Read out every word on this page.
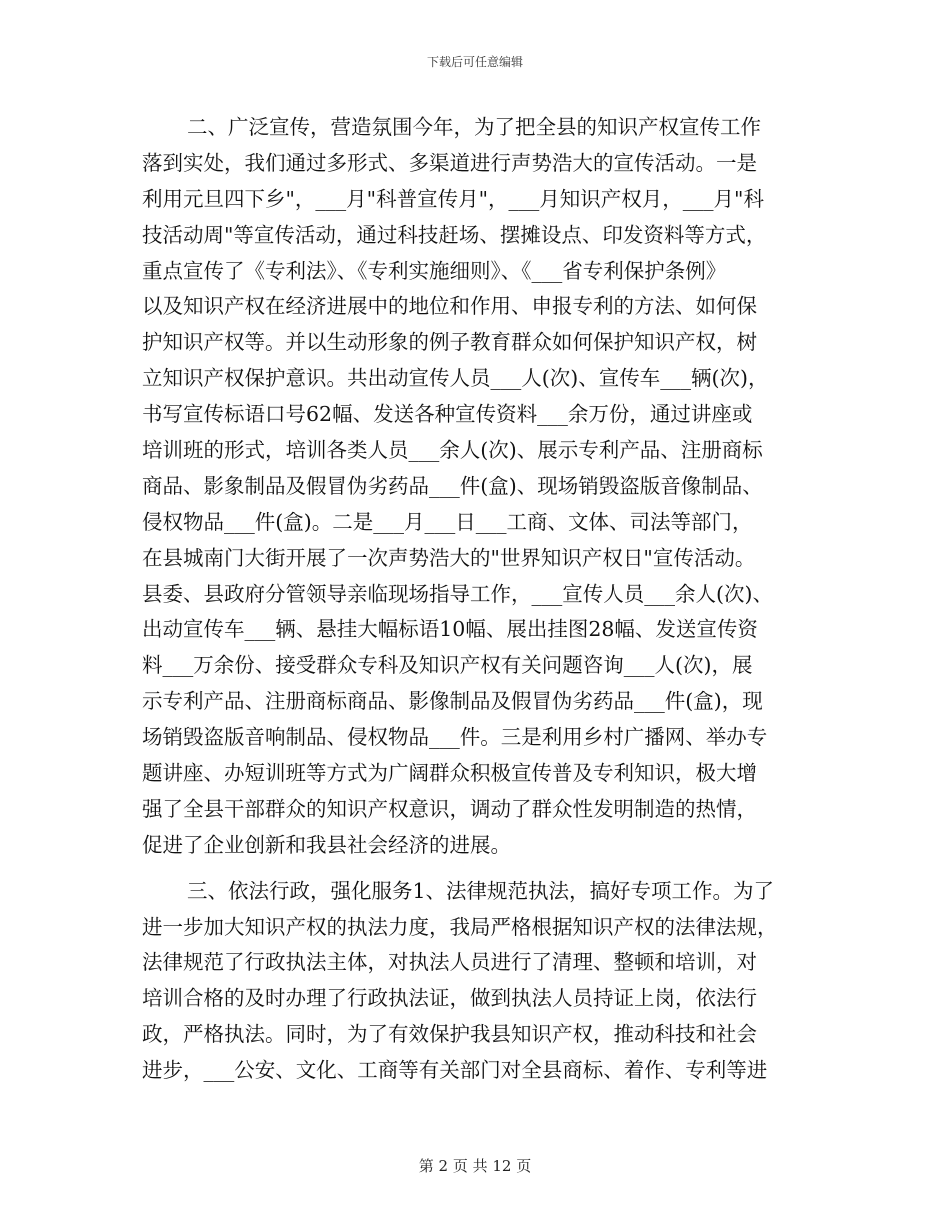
下载后可任意编辑
二、广泛宣传，营造氛围今年，为了把全县的知识产权宣传工作
落到实处，我们通过多形式、多渠道进行声势浩大的宣传活动。一是
利用元旦四下乡"，___月"科普宣传月"，___月知识产权月，___月"科
技活动周"等宣传活动，通过科技赶场、摆摊设点、印发资料等方式，
重点宣传了《专利法》、《专利实施细则》、《___省专利保护条例》
以及知识产权在经济进展中的地位和作用、申报专利的方法、如何保
护知识产权等。并以生动形象的例子教育群众如何保护知识产权，树
立知识产权保护意识。共出动宣传人员___人(次)、宣传车___辆(次)，
书写宣传标语口号62幅、发送各种宣传资料___余万份，通过讲座或
培训班的形式，培训各类人员___余人(次)、展示专利产品、注册商标
商品、影象制品及假冒伪劣药品___件(盒)、现场销毁盗版音像制品、
侵权物品___件(盒)。二是___月___日___工商、文体、司法等部门，
在县城南门大街开展了一次声势浩大的"世界知识产权日"宣传活动。
县委、县政府分管领导亲临现场指导工作，___宣传人员___余人(次)、
出动宣传车___辆、悬挂大幅标语10幅、展出挂图28幅、发送宣传资
料___万余份、接受群众专科及知识产权有关问题咨询___人(次)，展
示专利产品、注册商标商品、影像制品及假冒伪劣药品___件(盒)，现
场销毁盗版音响制品、侵权物品___件。三是利用乡村广播网、举办专
题讲座、办短训班等方式为广阔群众积极宣传普及专利知识，极大增
强了全县干部群众的知识产权意识，调动了群众性发明制造的热情，
促进了企业创新和我县社会经济的进展。
三、依法行政，强化服务1、法律规范执法，搞好专项工作。为了
进一步加大知识产权的执法力度，我局严格根据知识产权的法律法规，
法律规范了行政执法主体，对执法人员进行了清理、整顿和培训，对
培训合格的及时办理了行政执法证，做到执法人员持证上岗，依法行
政，严格执法。同时，为了有效保护我县知识产权，推动科技和社会
进步，___公安、文化、工商等有关部门对全县商标、着作、专利等进
第 2 页 共 12 页
